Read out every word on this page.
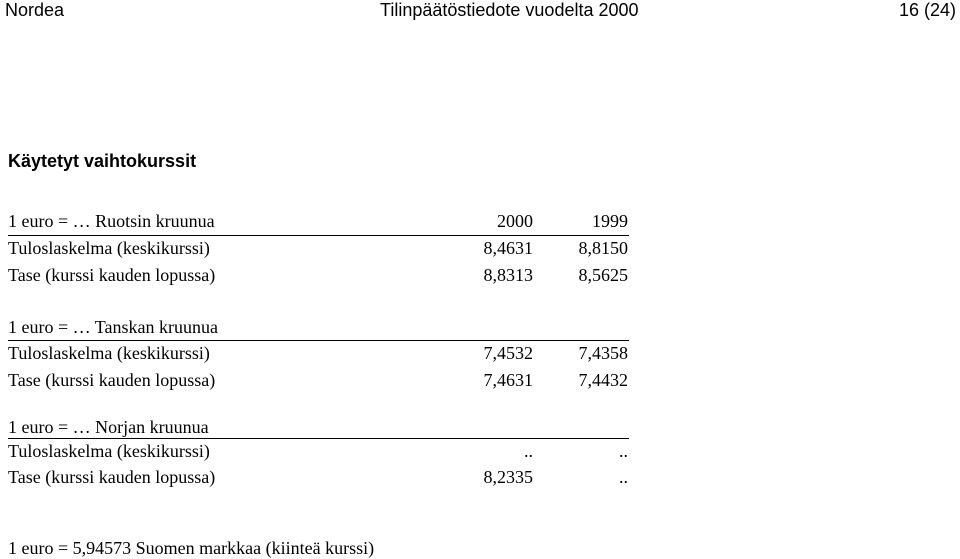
Nordea	Tilinpäätöstiedote vuodelta 2000	16 (24)
Käytetyt vaihtokurssit
1 euro = … Ruotsin kruunua	2000	1999
Tuloslaskelma (keskikurssi)	8,4631	8,8150
Tase (kurssi kauden lopussa)	8,8313	8,5625
1 euro = … Tanskan kruunua
Tuloslaskelma (keskikurssi)	7,4532	7,4358
Tase (kurssi kauden lopussa)	7,4631	7,4432
1 euro = … Norjan kruunua
Tuloslaskelma (keskikurssi)	..	..
Tase (kurssi kauden lopussa)	8,2335	..
1 euro = 5,94573 Suomen markkaa (kiinteä kurssi)
